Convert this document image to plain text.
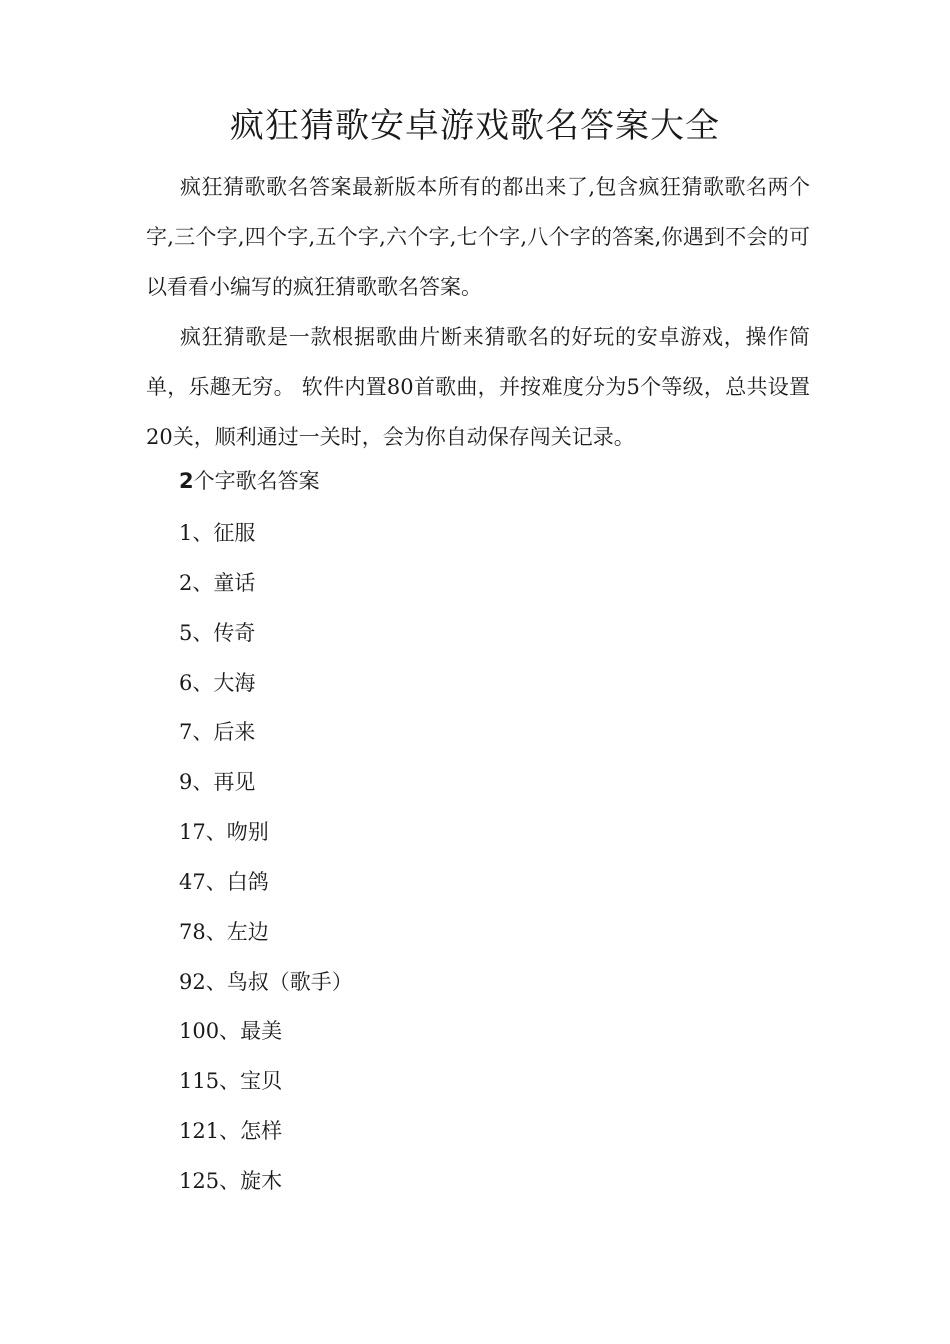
疯狂猜歌安卓游戏歌名答案大全

疯狂猜歌歌名答案最新版本所有的都出来了,包含疯狂猜歌歌名两个字,三个字,四个字,五个字,六个字,七个字,八个字的答案,你遇到不会的可以看看小编写的疯狂猜歌歌名答案。

疯狂猜歌是一款根据歌曲片断来猜歌名的好玩的安卓游戏，操作简单，乐趣无穷。 软件内置80首歌曲，并按难度分为5个等级，总共设置20关，顺利通过一关时，会为你自动保存闯关记录。

2个字歌名答案
1、征服
2、童话
5、传奇
6、大海
7、后来
9、再见
17、吻别
47、白鸽
78、左边
92、鸟叔（歌手）
100、最美
115、宝贝
121、怎样
125、旋木
